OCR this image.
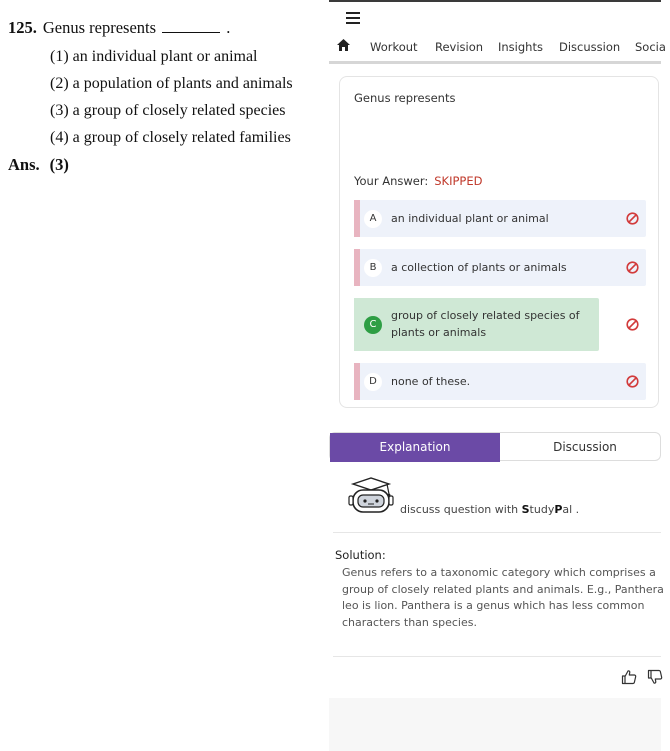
125. Genus represents	.
(1) an individual plant or animal
(2) a population of plants and animals
(3) a group of closely related species
(4) a group of closely related families
Ans. (3)
Workout Revision Insights Discussion Socia
Genus represents
Your Answer: SKIPPED
A	an individual plant or animal
B	a collection of plants or animals
C
group of closely related species of plants or animals
D	none of these.
Explanation	Discussion
discuss question with StudyPal .
Solution:
Genus refers to a taxonomic category which comprises a group of closely related plants and animals. E.g., Panthera leo is lion. Panthera is a genus which has less common characters than species.
